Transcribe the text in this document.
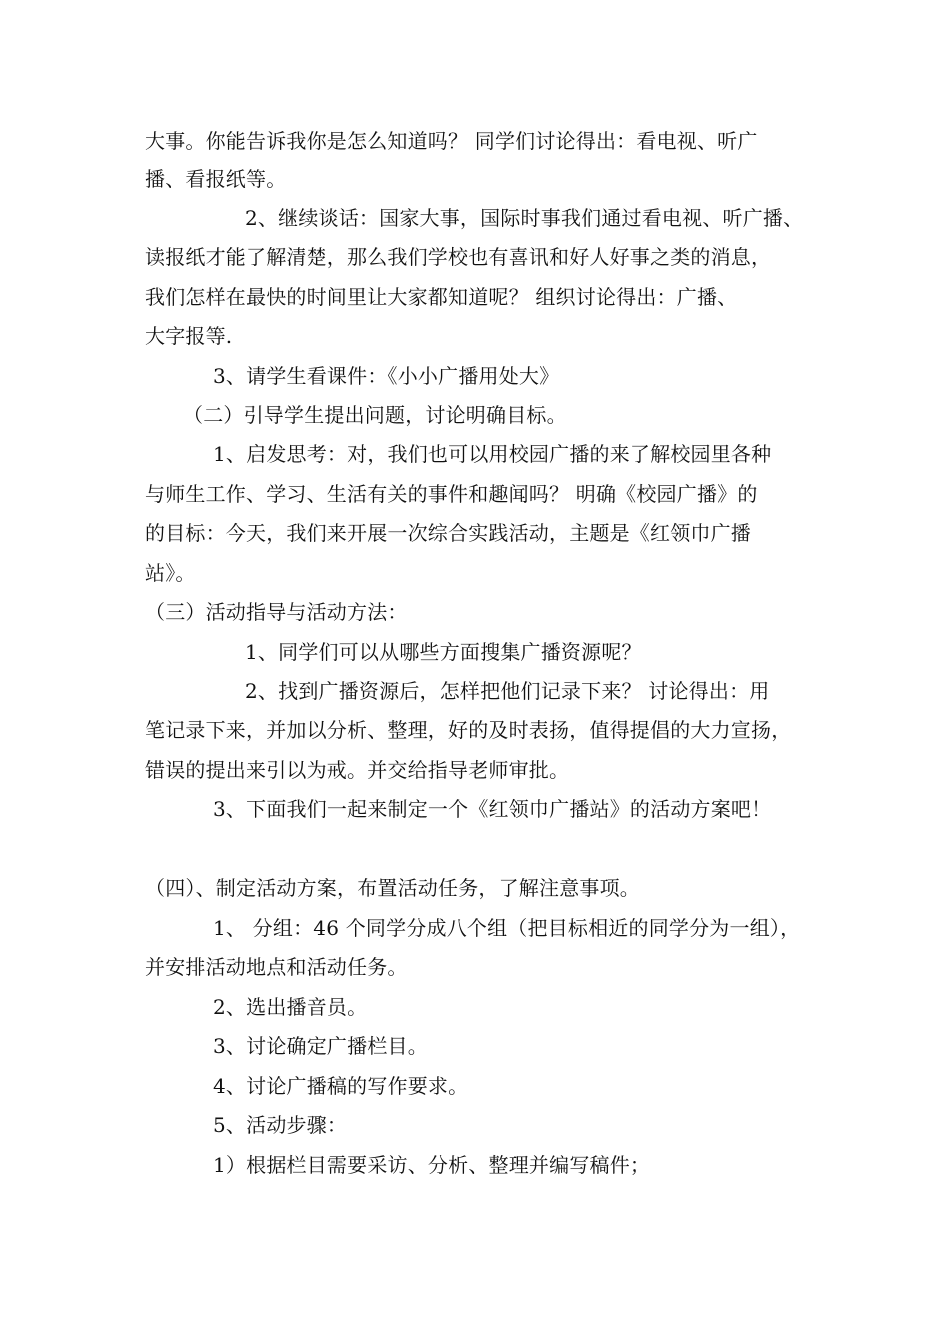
大事。你能告诉我你是怎么知道吗？ 同学们讨论得出：看电视、听广
播、看报纸等。
2、继续谈话：国家大事，国际时事我们通过看电视、听广播、
读报纸才能了解清楚，那么我们学校也有喜讯和好人好事之类的消息，
我们怎样在最快的时间里让大家都知道呢？ 组织讨论得出：广播、
大字报等.
3、请学生看课件：《小小广播用处大》
（二）引导学生提出问题，讨论明确目标。
1、启发思考：对，我们也可以用校园广播的来了解校园里各种
与师生工作、学习、生活有关的事件和趣闻吗？ 明确《校园广播》的
的目标：今天，我们来开展一次综合实践活动，主题是《红领巾广播
站》。
（三）活动指导与活动方法：
1、同学们可以从哪些方面搜集广播资源呢？
2、找到广播资源后，怎样把他们记录下来？ 讨论得出：用
笔记录下来，并加以分析、整理，好的及时表扬，值得提倡的大力宣扬，
错误的提出来引以为戒。并交给指导老师审批。
3、下面我们一起来制定一个《红领巾广播站》的活动方案吧！
（四）、制定活动方案，布置活动任务，了解注意事项。
1、 分组：46 个同学分成八个组（把目标相近的同学分为一组），
并安排活动地点和活动任务。
2、选出播音员。
3、讨论确定广播栏目。
4、讨论广播稿的写作要求。
5、活动步骤：
1）根据栏目需要采访、分析、整理并编写稿件；
